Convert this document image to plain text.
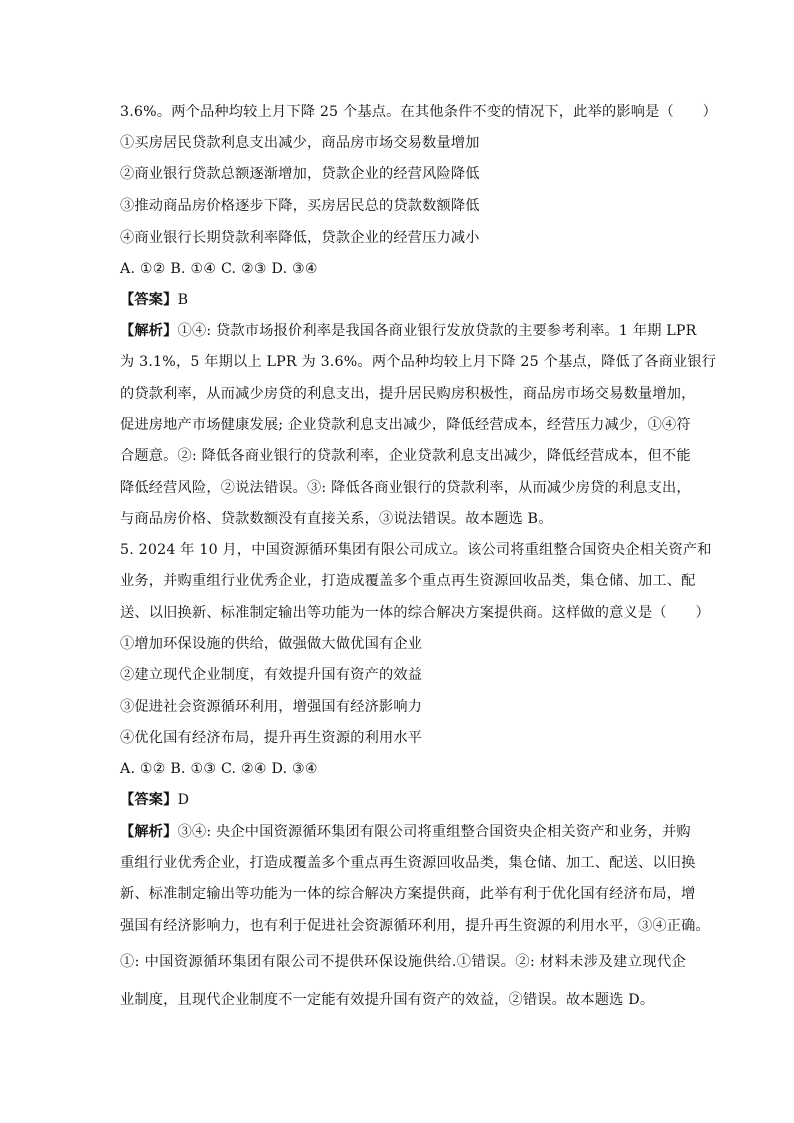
3.6%。两个品种均较上月下降 25 个基点。在其他条件不变的情况下，此举的影响是（　　）
①买房居民贷款利息支出减少，商品房市场交易数量增加
②商业银行贷款总额逐渐增加，贷款企业的经营风险降低
③推动商品房价格逐步下降，买房居民总的贷款数额降低
④商业银行长期贷款利率降低，贷款企业的经营压力减小
A. ①② B. ①④ C. ②③ D. ③④
【答案】B
【解析】①④: 贷款市场报价利率是我国各商业银行发放贷款的主要参考利率。1 年期 LPR
为 3.1%，5 年期以上 LPR 为 3.6%。两个品种均较上月下降 25 个基点，降低了各商业银行
的贷款利率，从而减少房贷的利息支出，提升居民购房积极性，商品房市场交易数量增加，
促进房地产市场健康发展; 企业贷款利息支出减少，降低经营成本，经营压力减少，①④符
合题意。②: 降低各商业银行的贷款利率，企业贷款利息支出减少，降低经营成本，但不能
降低经营风险，②说法错误。③: 降低各商业银行的贷款利率，从而减少房贷的利息支出，
与商品房价格、贷款数额没有直接关系，③说法错误。故本题选 B。
5. 2024 年 10 月，中国资源循环集团有限公司成立。该公司将重组整合国资央企相关资产和
业务，并购重组行业优秀企业，打造成覆盖多个重点再生资源回收品类，集仓储、加工、配
送、以旧换新、标准制定输出等功能为一体的综合解决方案提供商。这样做的意义是（　　）
①增加环保设施的供给，做强做大做优国有企业
②建立现代企业制度，有效提升国有资产的效益
③促进社会资源循环利用，增强国有经济影响力
④优化国有经济布局，提升再生资源的利用水平
A. ①② B. ①③ C. ②④ D. ③④
【答案】D
【解析】③④: 央企中国资源循环集团有限公司将重组整合国资央企相关资产和业务，并购
重组行业优秀企业，打造成覆盖多个重点再生资源回收品类，集仓储、加工、配送、以旧换
新、标准制定输出等功能为一体的综合解决方案提供商，此举有利于优化国有经济布局，增
强国有经济影响力，也有利于促进社会资源循环利用，提升再生资源的利用水平，③④正确。
①: 中国资源循环集团有限公司不提供环保设施供给.①错误。②: 材料未涉及建立现代企
业制度，且现代企业制度不一定能有效提升国有资产的效益，②错误。故本题选 D。
